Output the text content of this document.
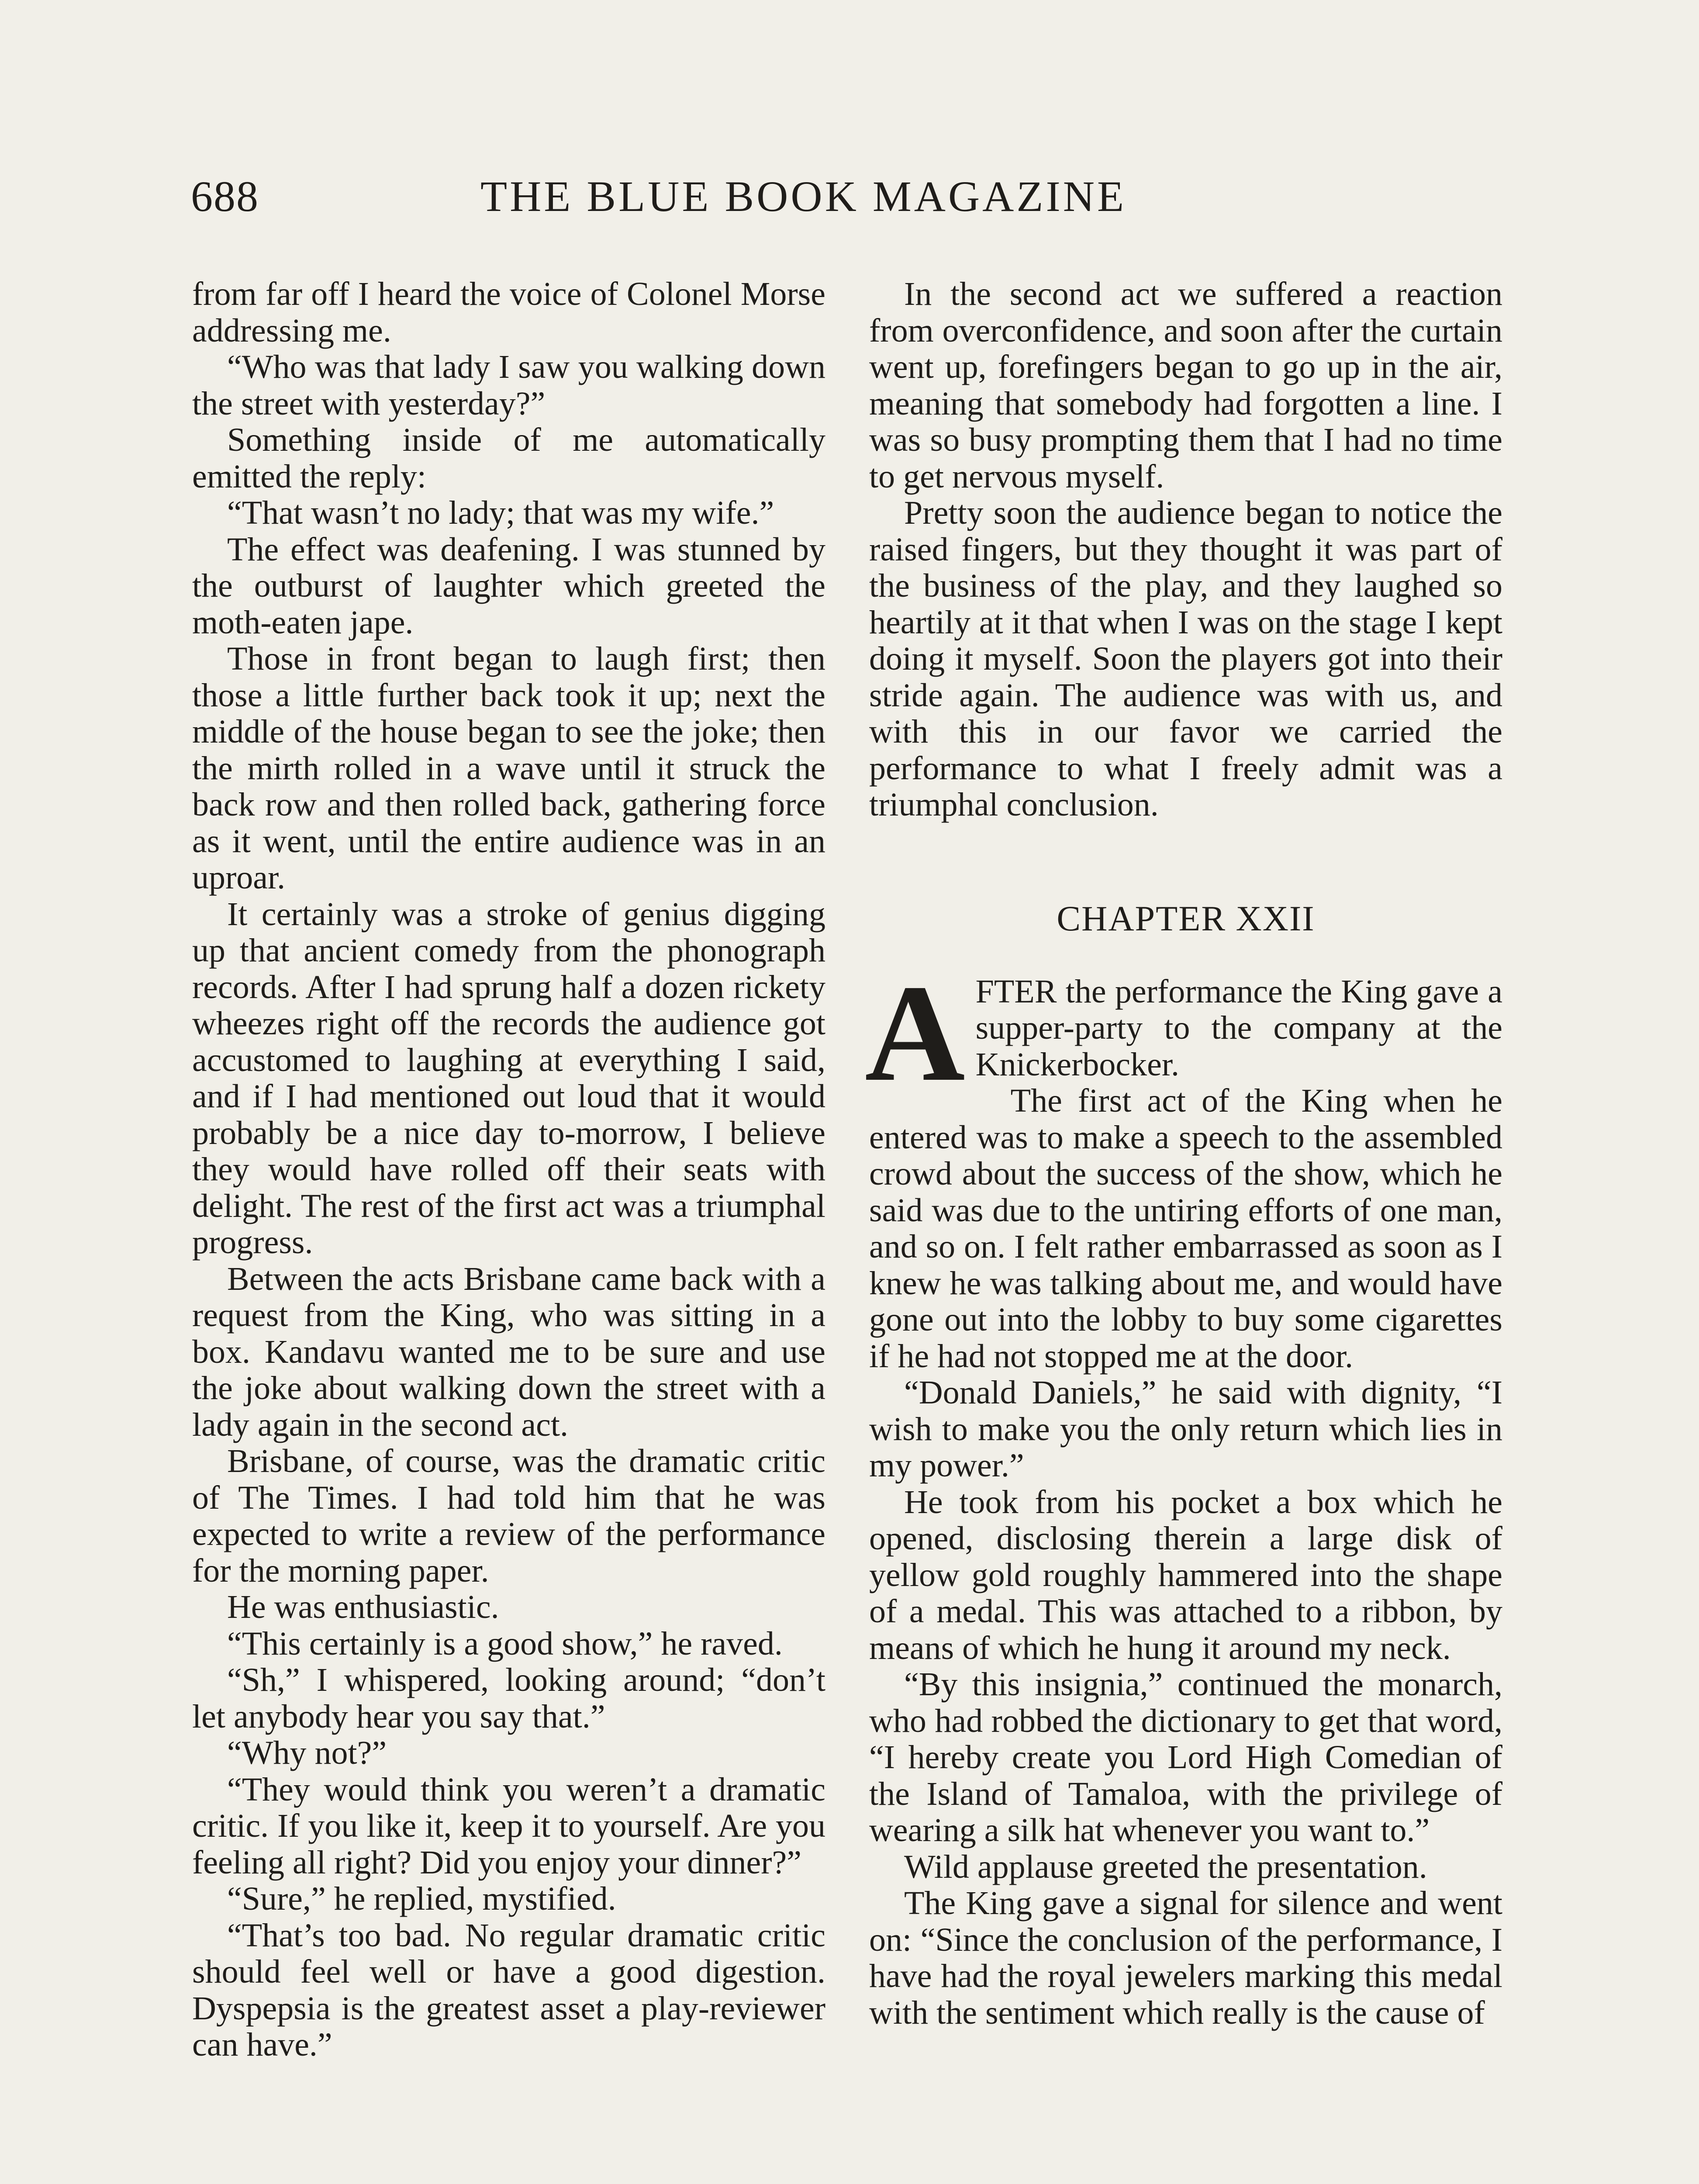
688	THE BLUE BOOK MAGAZINE

from far off I heard the voice of Colonel Morse addressing me.

“Who was that lady I saw you walking down the street with yesterday?”

Something inside of me automatically emitted the reply:

“That wasn’t no lady; that was my wife.”

The effect was deafening. I was stunned by the outburst of laughter which greeted the moth-eaten jape.

Those in front began to laugh first; then those a little further back took it up; next the middle of the house began to see the joke; then the mirth rolled in a wave until it struck the back row and then rolled back, gathering force as it went, until the entire audience was in an uproar.

It certainly was a stroke of genius digging up that ancient comedy from the phonograph records. After I had sprung half a dozen rickety wheezes right off the records the audience got accustomed to laughing at everything I said, and if I had mentioned out loud that it would probably be a nice day to-morrow, I believe they would have rolled off their seats with delight. The rest of the first act was a triumphal progress.

Between the acts Brisbane came back with a request from the King, who was sitting in a box. Kandavu wanted me to be sure and use the joke about walking down the street with a lady again in the second act.

Brisbane, of course, was the dramatic critic of The Times. I had told him that he was expected to write a review of the performance for the morning paper.

He was enthusiastic.

“This certainly is a good show,” he raved.

“Sh,” I whispered, looking around; “don’t let anybody hear you say that.”

“Why not?”

“They would think you weren’t a dramatic critic. If you like it, keep it to yourself. Are you feeling all right? Did you enjoy your dinner?”

“Sure,” he replied, mystified.

“That’s too bad. No regular dramatic critic should feel well or have a good digestion. Dyspepsia is the greatest asset a play-reviewer can have.”

In the second act we suffered a reaction from overconfidence, and soon after the curtain went up, forefingers began to go up in the air, meaning that somebody had forgotten a line. I was so busy prompting them that I had no time to get nervous myself.

Pretty soon the audience began to notice the raised fingers, but they thought it was part of the business of the play, and they laughed so heartily at it that when I was on the stage I kept doing it myself. Soon the players got into their stride again. The audience was with us, and with this in our favor we carried the performance to what I freely admit was a triumphal conclusion.

CHAPTER XXII

AFTER the performance the King gave a supper-party to the company at the Knickerbocker.

The first act of the King when he entered was to make a speech to the assembled crowd about the success of the show, which he said was due to the untiring efforts of one man, and so on. I felt rather embarrassed as soon as I knew he was talking about me, and would have gone out into the lobby to buy some cigarettes if he had not stopped me at the door.

“Donald Daniels,” he said with dignity, “I wish to make you the only return which lies in my power.”

He took from his pocket a box which he opened, disclosing therein a large disk of yellow gold roughly hammered into the shape of a medal. This was attached to a ribbon, by means of which he hung it around my neck.

“By this insignia,” continued the monarch, who had robbed the dictionary to get that word, “I hereby create you Lord High Comedian of the Island of Tamaloa, with the privilege of wearing a silk hat whenever you want to.”

Wild applause greeted the presentation.

The King gave a signal for silence and went on: “Since the conclusion of the performance, I have had the royal jewelers marking this medal with the sentiment which really is the cause of
